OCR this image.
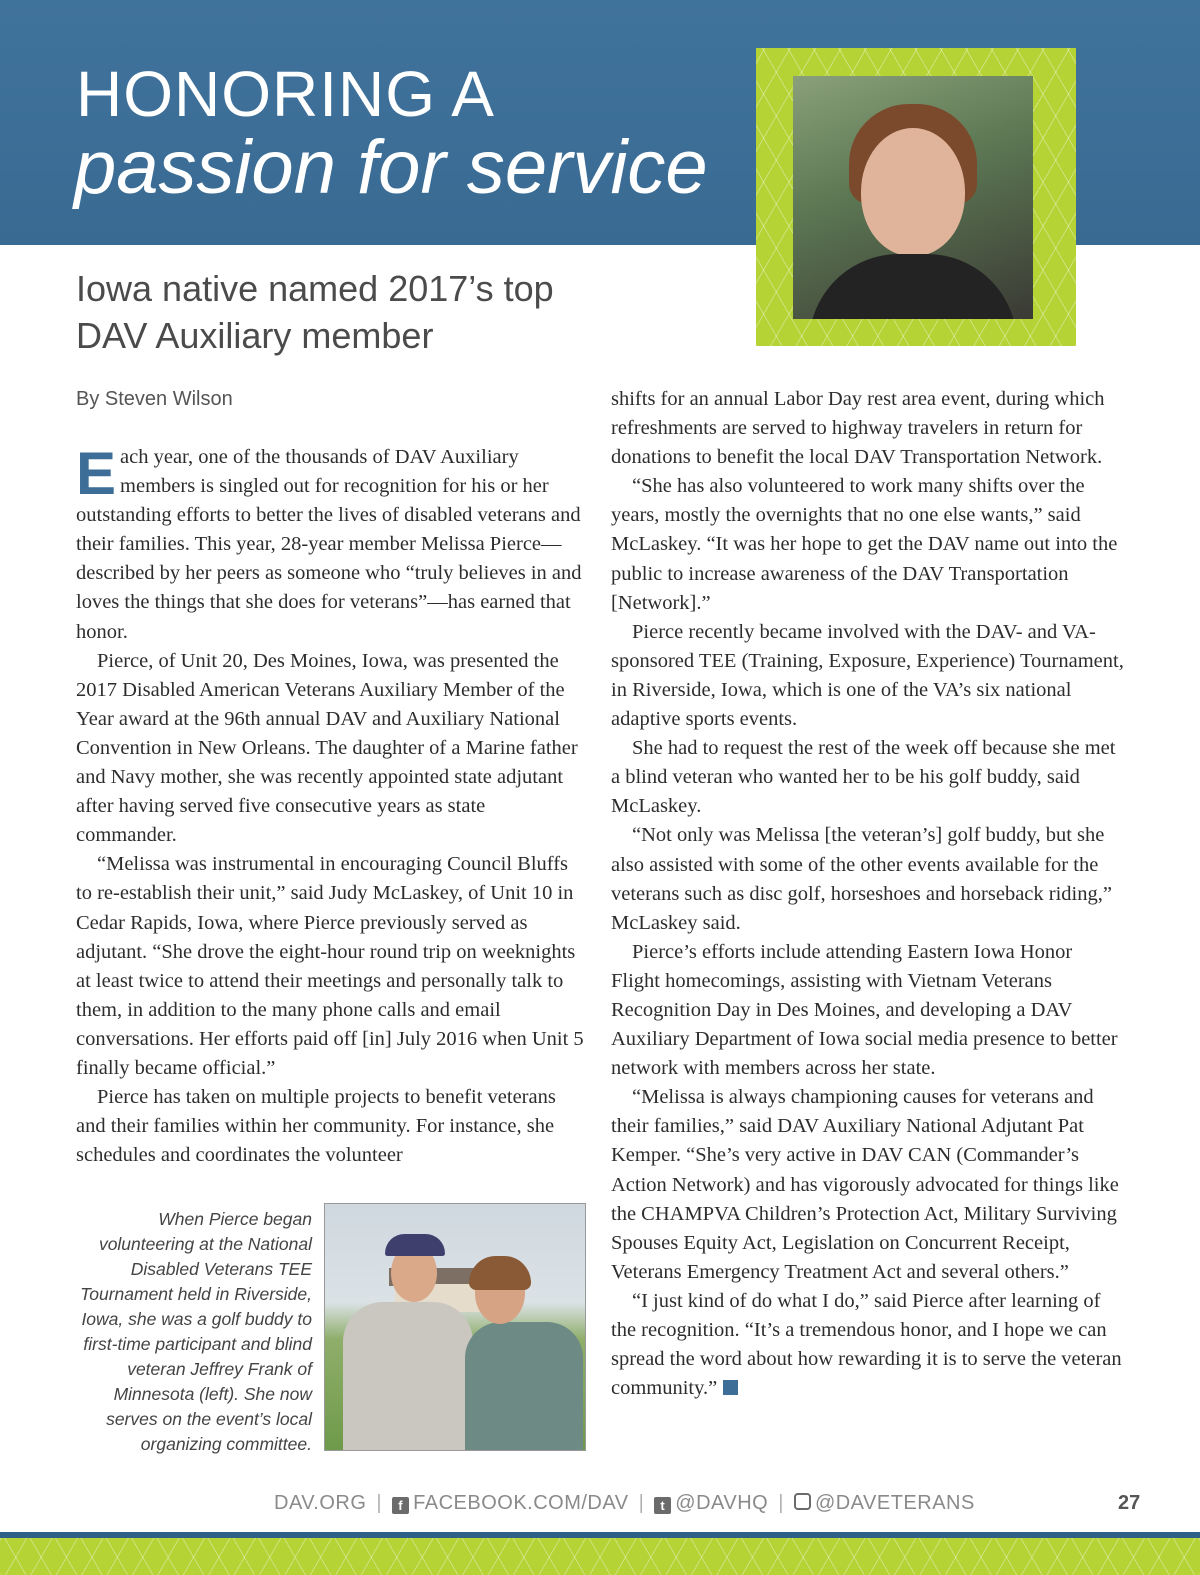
HONORING A
passion for service
Iowa native named 2017’s top
DAV Auxiliary member
By Steven Wilson

Each year, one of the thousands of DAV Auxiliary members is singled out for recognition for his or her outstanding efforts to better the lives of disabled veterans and their families. This year, 28-year member Melissa Pierce—described by her peers as someone who “truly believes in and loves the things that she does for veterans”—has earned that honor.

Pierce, of Unit 20, Des Moines, Iowa, was presented the 2017 Disabled American Veterans Auxiliary Member of the Year award at the 96th annual DAV and Auxiliary National Convention in New Orleans. The daughter of a Marine father and Navy mother, she was recently appointed state adjutant after having served five consecutive years as state commander.

“Melissa was instrumental in encouraging Council Bluffs to re-establish their unit,” said Judy McLaskey, of Unit 10 in Cedar Rapids, Iowa, where Pierce previously served as adjutant. “She drove the eight-hour round trip on weeknights at least twice to attend their meetings and personally talk to them, in addition to the many phone calls and email conversations. Her efforts paid off [in] July 2016 when Unit 5 finally became official.”

Pierce has taken on multiple projects to benefit veterans and their families within her community. For instance, she schedules and coordinates the volunteer

When Pierce began volunteering at the National Disabled Veterans TEE Tournament held in Riverside, Iowa, she was a golf buddy to first-time participant and blind veteran Jeffrey Frank of Minnesota (left). She now serves on the event’s local organizing committee.

shifts for an annual Labor Day rest area event, during which refreshments are served to highway travelers in return for donations to benefit the local DAV Transportation Network.

“She has also volunteered to work many shifts over the years, mostly the overnights that no one else wants,” said McLaskey. “It was her hope to get the DAV name out into the public to increase awareness of the DAV Transportation [Network].”

Pierce recently became involved with the DAV- and VA-sponsored TEE (Training, Exposure, Experience) Tournament, in Riverside, Iowa, which is one of the VA’s six national adaptive sports events.

She had to request the rest of the week off because she met a blind veteran who wanted her to be his golf buddy, said McLaskey.

“Not only was Melissa [the veteran’s] golf buddy, but she also assisted with some of the other events available for the veterans such as disc golf, horseshoes and horseback riding,” McLaskey said.

Pierce’s efforts include attending Eastern Iowa Honor Flight homecomings, assisting with Vietnam Veterans Recognition Day in Des Moines, and developing a DAV Auxiliary Department of Iowa social media presence to better network with members across her state.

“Melissa is always championing causes for veterans and their families,” said DAV Auxiliary National Adjutant Pat Kemper. “She’s very active in DAV CAN (Commander’s Action Network) and has vigorously advocated for things like the CHAMPVA Children’s Protection Act, Military Surviving Spouses Equity Act, Legislation on Concurrent Receipt, Veterans Emergency Treatment Act and several others.”

“I just kind of do what I do,” said Pierce after learning of the recognition. “It’s a tremendous honor, and I hope we can spread the word about how rewarding it is to serve the veteran community.”

DAV.ORG | f FACEBOOK.COM/DAV | t @DAVHQ | @DAVETERANS	27
